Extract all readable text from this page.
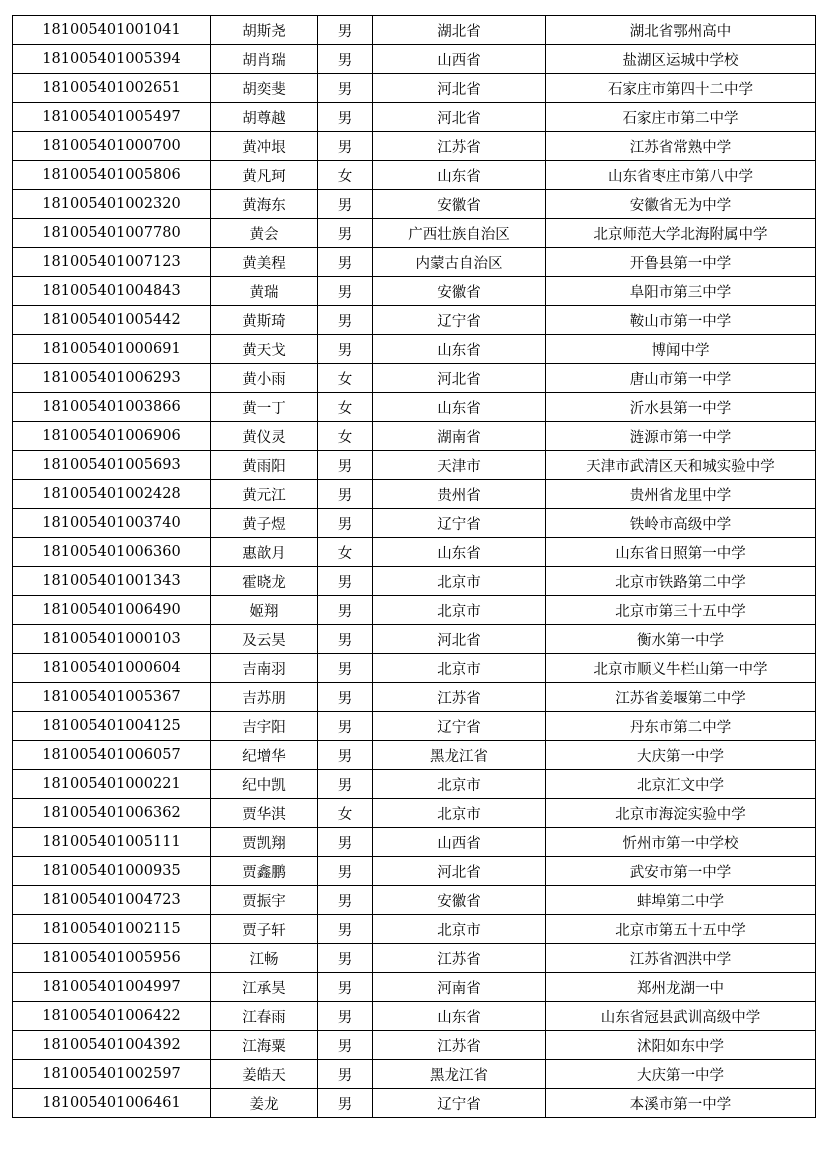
181005401001041	胡斯尧	男	湖北省	湖北省鄂州高中
181005401005394	胡肖瑞	男	山西省	盐湖区运城中学校
181005401002651	胡奕斐	男	河北省	石家庄市第四十二中学
181005401005497	胡尊越	男	河北省	石家庄市第二中学
181005401000700	黄冲垠	男	江苏省	江苏省常熟中学
181005401005806	黄凡珂	女	山东省	山东省枣庄市第八中学
181005401002320	黄海东	男	安徽省	安徽省无为中学
181005401007780	黄会	男	广西壮族自治区	北京师范大学北海附属中学
181005401007123	黄美程	男	内蒙古自治区	开鲁县第一中学
181005401004843	黄瑞	男	安徽省	阜阳市第三中学
181005401005442	黄斯琦	男	辽宁省	鞍山市第一中学
181005401000691	黄天戈	男	山东省	博闻中学
181005401006293	黄小雨	女	河北省	唐山市第一中学
181005401003866	黄一丁	女	山东省	沂水县第一中学
181005401006906	黄仪灵	女	湖南省	涟源市第一中学
181005401005693	黄雨阳	男	天津市	天津市武清区天和城实验中学
181005401002428	黄元江	男	贵州省	贵州省龙里中学
181005401003740	黄子煜	男	辽宁省	铁岭市高级中学
181005401006360	惠歆月	女	山东省	山东省日照第一中学
181005401001343	霍晓龙	男	北京市	北京市铁路第二中学
181005401006490	姬翔	男	北京市	北京市第三十五中学
181005401000103	及云昊	男	河北省	衡水第一中学
181005401000604	吉南羽	男	北京市	北京市顺义牛栏山第一中学
181005401005367	吉苏朋	男	江苏省	江苏省姜堰第二中学
181005401004125	吉宇阳	男	辽宁省	丹东市第二中学
181005401006057	纪增华	男	黑龙江省	大庆第一中学
181005401000221	纪中凯	男	北京市	北京汇文中学
181005401006362	贾华淇	女	北京市	北京市海淀实验中学
181005401005111	贾凯翔	男	山西省	忻州市第一中学校
181005401000935	贾鑫鹏	男	河北省	武安市第一中学
181005401004723	贾振宇	男	安徽省	蚌埠第二中学
181005401002115	贾子轩	男	北京市	北京市第五十五中学
181005401005956	江畅	男	江苏省	江苏省泗洪中学
181005401004997	江承昊	男	河南省	郑州龙湖一中
181005401006422	江春雨	男	山东省	山东省冠县武训高级中学
181005401004392	江海粟	男	江苏省	沭阳如东中学
181005401002597	姜皓天	男	黑龙江省	大庆第一中学
181005401006461	姜龙	男	辽宁省	本溪市第一中学
